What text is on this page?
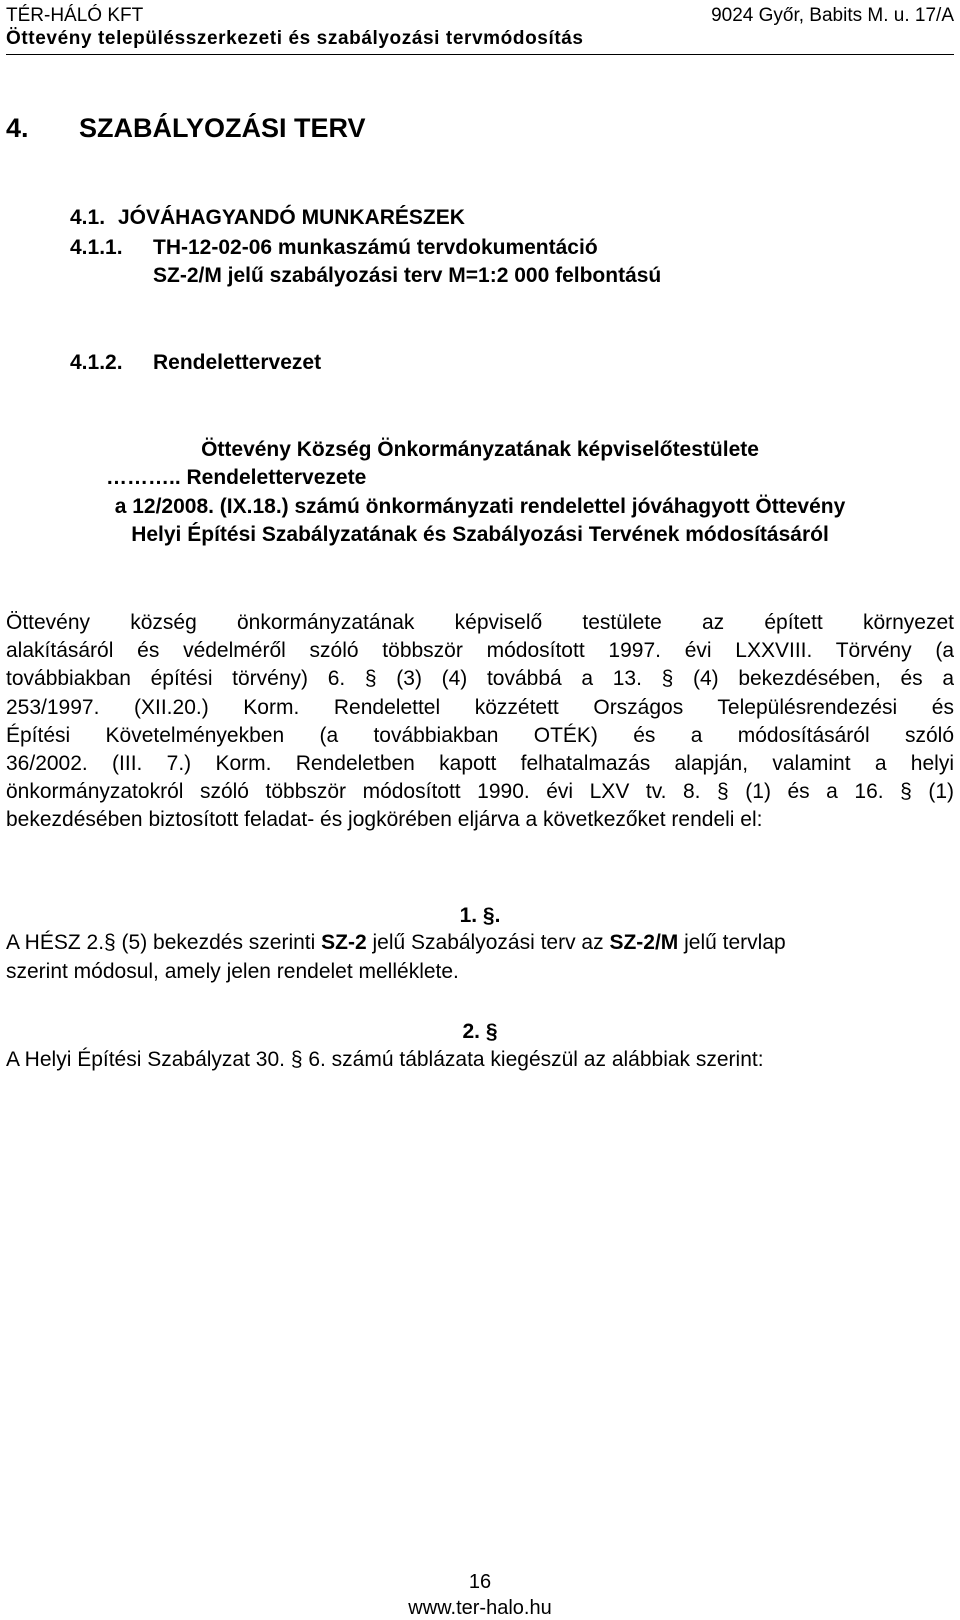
TÉR-HÁLÓ KFT	9024 Győr, Babits M. u. 17/A
Öttevény településszerkezeti és szabályozási tervmódosítás
4. SZABÁLYOZÁSI TERV
4.1. JÓVÁHAGYANDÓ MUNKARÉSZEK
4.1.1. TH-12-02-06 munkaszámú tervdokumentáció
SZ-2/M jelű szabályozási terv M=1:2 000 felbontású
4.1.2. Rendelettervezet
Öttevény Község Önkormányzatának képviselőtestülete
……….. Rendelettervezete
a 12/2008. (IX.18.) számú önkormányzati rendelettel jóváhagyott Öttevény
Helyi Építési Szabályzatának és Szabályozási Tervének módosításáról
Öttevény község önkormányzatának képviselő testülete az épített környezet
alakításáról és védelméről szóló többször módosított 1997. évi LXXVIII. Törvény (a
továbbiakban építési törvény) 6. § (3) (4) továbbá a 13. § (4) bekezdésében, és a
253/1997. (XII.20.) Korm. Rendelettel közzétett Országos Településrendezési és
Építési Követelményekben (a továbbiakban OTÉK) és a módosításáról szóló
36/2002. (III. 7.) Korm. Rendeletben kapott felhatalmazás alapján, valamint a helyi
önkormányzatokról szóló többször módosított 1990. évi LXV tv. 8. § (1) és a 16. § (1)
bekezdésében biztosított feladat- és jogkörében eljárva a következőket rendeli el:
1. §.
A HÉSZ 2.§ (5) bekezdés szerinti SZ-2 jelű Szabályozási terv az SZ-2/M jelű tervlap
szerint módosul, amely jelen rendelet melléklete.
2. §
A Helyi Építési Szabályzat 30. § 6. számú táblázata kiegészül az alábbiak szerint:
16
www.ter-halo.hu
